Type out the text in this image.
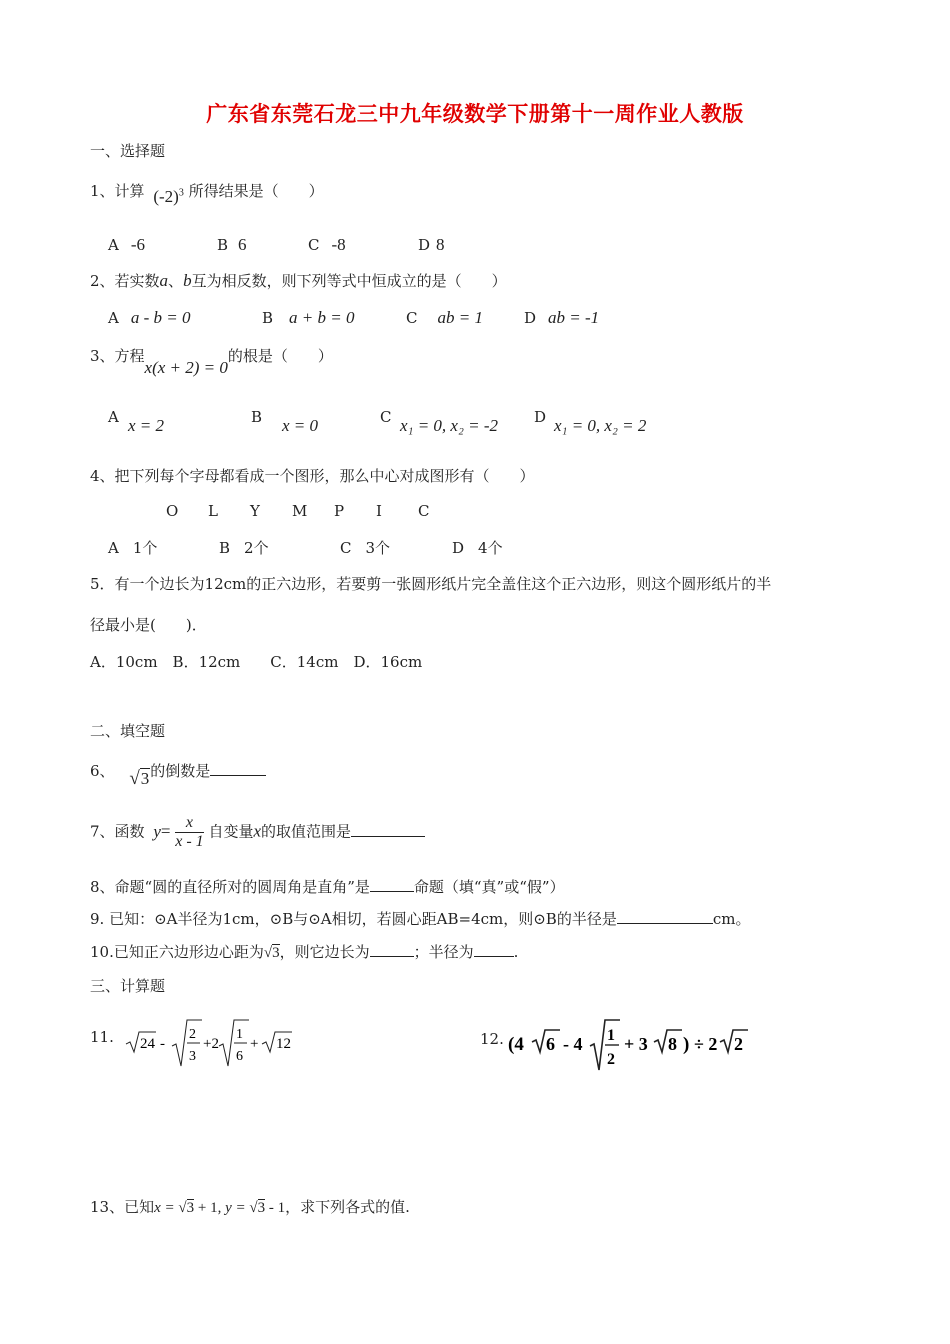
广东省东莞石龙三中九年级数学下册第十一周作业人教版
一、选择题
1、计算 $(-2)^3$ 所得结果是（　　）
A -6	B 6	C -8	D 8
2、若实数a、b互为相反数，则下列等式中恒成立的是（　　）
A a - b = 0	B a + b = 0	C ab = 1	D ab = -1
3、方程x(x + 2) = 0的根是（　　）
A x = 2	B x = 0	C x₁ = 0, x₂ = -2 D x₁ = 0, x₂ = 2
4、把下列每个字母都看成一个图形，那么中心对成图形有（　　）
O L Y M P I C
A 1个	B 2个	C 3个	D 4个
5．有一个边长为12cm的正六边形，若要剪一张圆形纸片完全盖住这个正六边形，则这个圆形纸片的半
径最小是(　　)．
A．10cm　B．12cm　　C．14cm　D．16cm
二、填空题
6、 √3的倒数是
7、函数 $y= \frac{x}{x - 1}$ 自变量x的取值范围是
8、命题“圆的直径所对的圆周角是直角”是	命题（填“真”或“假”）
9. 已知：⊙A半径为1cm，⊙B与⊙A相切，若圆心距AB=4cm，则⊙B的半径是	cm。
10.已知正六边形边心距为√3，则它边长为	；半径为	.
三、计算题
11. 24 -
2
3
+2
1
6
+ 12	12. (4 6 - 4 1
2
+ 3 8 ) ÷ 2 2
13、已知x = √3 + 1, y = √3 - 1，求下列各式的值.
